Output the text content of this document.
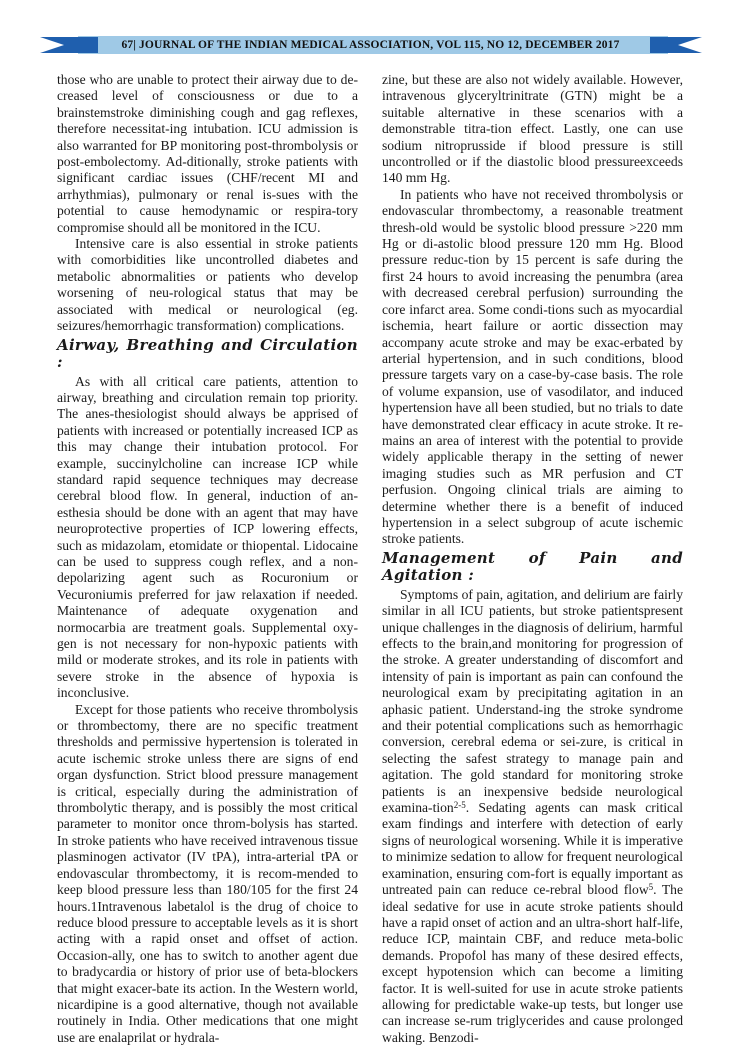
67| JOURNAL OF THE INDIAN MEDICAL ASSOCIATION, VOL 115, NO 12, DECEMBER 2017

those who are unable to protect their airway due to de-creased level of consciousness or due to a brainstemstroke diminishing cough and gag reflexes, therefore necessitat-ing intubation. ICU admission is also warranted for BP monitoring post-thrombolysis or post-embolectomy. Ad-ditionally, stroke patients with significant cardiac issues (CHF/recent MI and arrhythmias), pulmonary or renal is-sues with the potential to cause hemodynamic or respira-tory compromise should all be monitored in the ICU.

Intensive care is also essential in stroke patients with comorbidities like uncontrolled diabetes and metabolic abnormalities or patients who develop worsening of neu-rological status that may be associated with medical or neurological (eg. seizures/hemorrhagic transformation) complications.

Airway, Breathing and Circulation :

As with all critical care patients, attention to airway, breathing and circulation remain top priority. The anes-thesiologist should always be apprised of patients with increased or potentially increased ICP as this may change their intubation protocol. For example, succinylcholine can increase ICP while standard rapid sequence techniques may decrease cerebral blood flow. In general, induction of an-esthesia should be done with an agent that may have neuroprotective properties of ICP lowering effects, such as midazolam, etomidate or thiopental. Lidocaine can be used to suppress cough reflex, and a non-depolarizing agent such as Rocuronium or Vecuroniumis preferred for jaw relaxation if needed. Maintenance of adequate oxygenation and normocarbia are treatment goals. Supplemental oxy-gen is not necessary for non-hypoxic patients with mild or moderate strokes, and its role in patients with severe stroke in the absence of hypoxia is inconclusive.

Except for those patients who receive thrombolysis or thrombectomy, there are no specific treatment thresholds and permissive hypertension is tolerated in acute ischemic stroke unless there are signs of end organ dysfunction. Strict blood pressure management is critical, especially during the administration of thrombolytic therapy, and is possibly the most critical parameter to monitor once throm-bolysis has started. In stroke patients who have received intravenous tissue plasminogen activator (IV tPA), intra-arterial tPA or endovascular thrombectomy, it is recom-mended to keep blood pressure less than 180/105 for the first 24 hours.1Intravenous labetalol is the drug of choice to reduce blood pressure to acceptable levels as it is short acting with a rapid onset and offset of action. Occasion-ally, one has to switch to another agent due to bradycardia or history of prior use of beta-blockers that might exacer-bate its action. In the Western world, nicardipine is a good alternative, though not available routinely in India. Other medications that one might use are enalaprilat or hydrala-

zine, but these are also not widely available. However, intravenous glyceryltrinitrate (GTN) might be a suitable alternative in these scenarios with a demonstrable titra-tion effect. Lastly, one can use sodium nitroprusside if blood pressure is still uncontrolled or if the diastolic blood pressureexceeds 140 mm Hg.

In patients who have not received thrombolysis or endovascular thrombectomy, a reasonable treatment thresh-old would be systolic blood pressure >220 mm Hg or di-astolic blood pressure 120 mm Hg. Blood pressure reduc-tion by 15 percent is safe during the first 24 hours to avoid increasing the penumbra (area with decreased cerebral perfusion) surrounding the core infarct area. Some condi-tions such as myocardial ischemia, heart failure or aortic dissection may accompany acute stroke and may be exac-erbated by arterial hypertension, and in such conditions, blood pressure targets vary on a case-by-case basis. The role of volume expansion, use of vasodilator, and induced hypertension have all been studied, but no trials to date have demonstrated clear efficacy in acute stroke. It re-mains an area of interest with the potential to provide widely applicable therapy in the setting of newer imaging studies such as MR perfusion and CT perfusion. Ongoing clinical trials are aiming to determine whether there is a benefit of induced hypertension in a select subgroup of acute ischemic stroke patients.

Management of Pain and Agitation :

Symptoms of pain, agitation, and delirium are fairly similar in all ICU patients, but stroke patientspresent unique challenges in the diagnosis of delirium, harmful effects to the brain,and monitoring for progression of the stroke. A greater understanding of discomfort and intensity of pain is important as pain can confound the neurological exam by precipitating agitation in an aphasic patient. Understand-ing the stroke syndrome and their potential complications such as hemorrhagic conversion, cerebral edema or sei-zure, is critical in selecting the safest strategy to manage pain and agitation. The gold standard for monitoring stroke patients is an inexpensive bedside neurological examina-tion$^{2-5}$. Sedating agents can mask critical exam findings and interfere with detection of early signs of neurological worsening. While it is imperative to minimize sedation to allow for frequent neurological examination, ensuring com-fort is equally important as untreated pain can reduce ce-rebral blood flow$^5$. The ideal sedative for use in acute stroke patients should have a rapid onset of action and an ultra-short half-life, reduce ICP, maintain CBF, and reduce meta-bolic demands. Propofol has many of these desired effects, except hypotension which can become a limiting factor. It is well-suited for use in acute stroke patients allowing for predictable wake-up tests, but longer use can increase se-rum triglycerides and cause prolonged waking. Benzodi-
